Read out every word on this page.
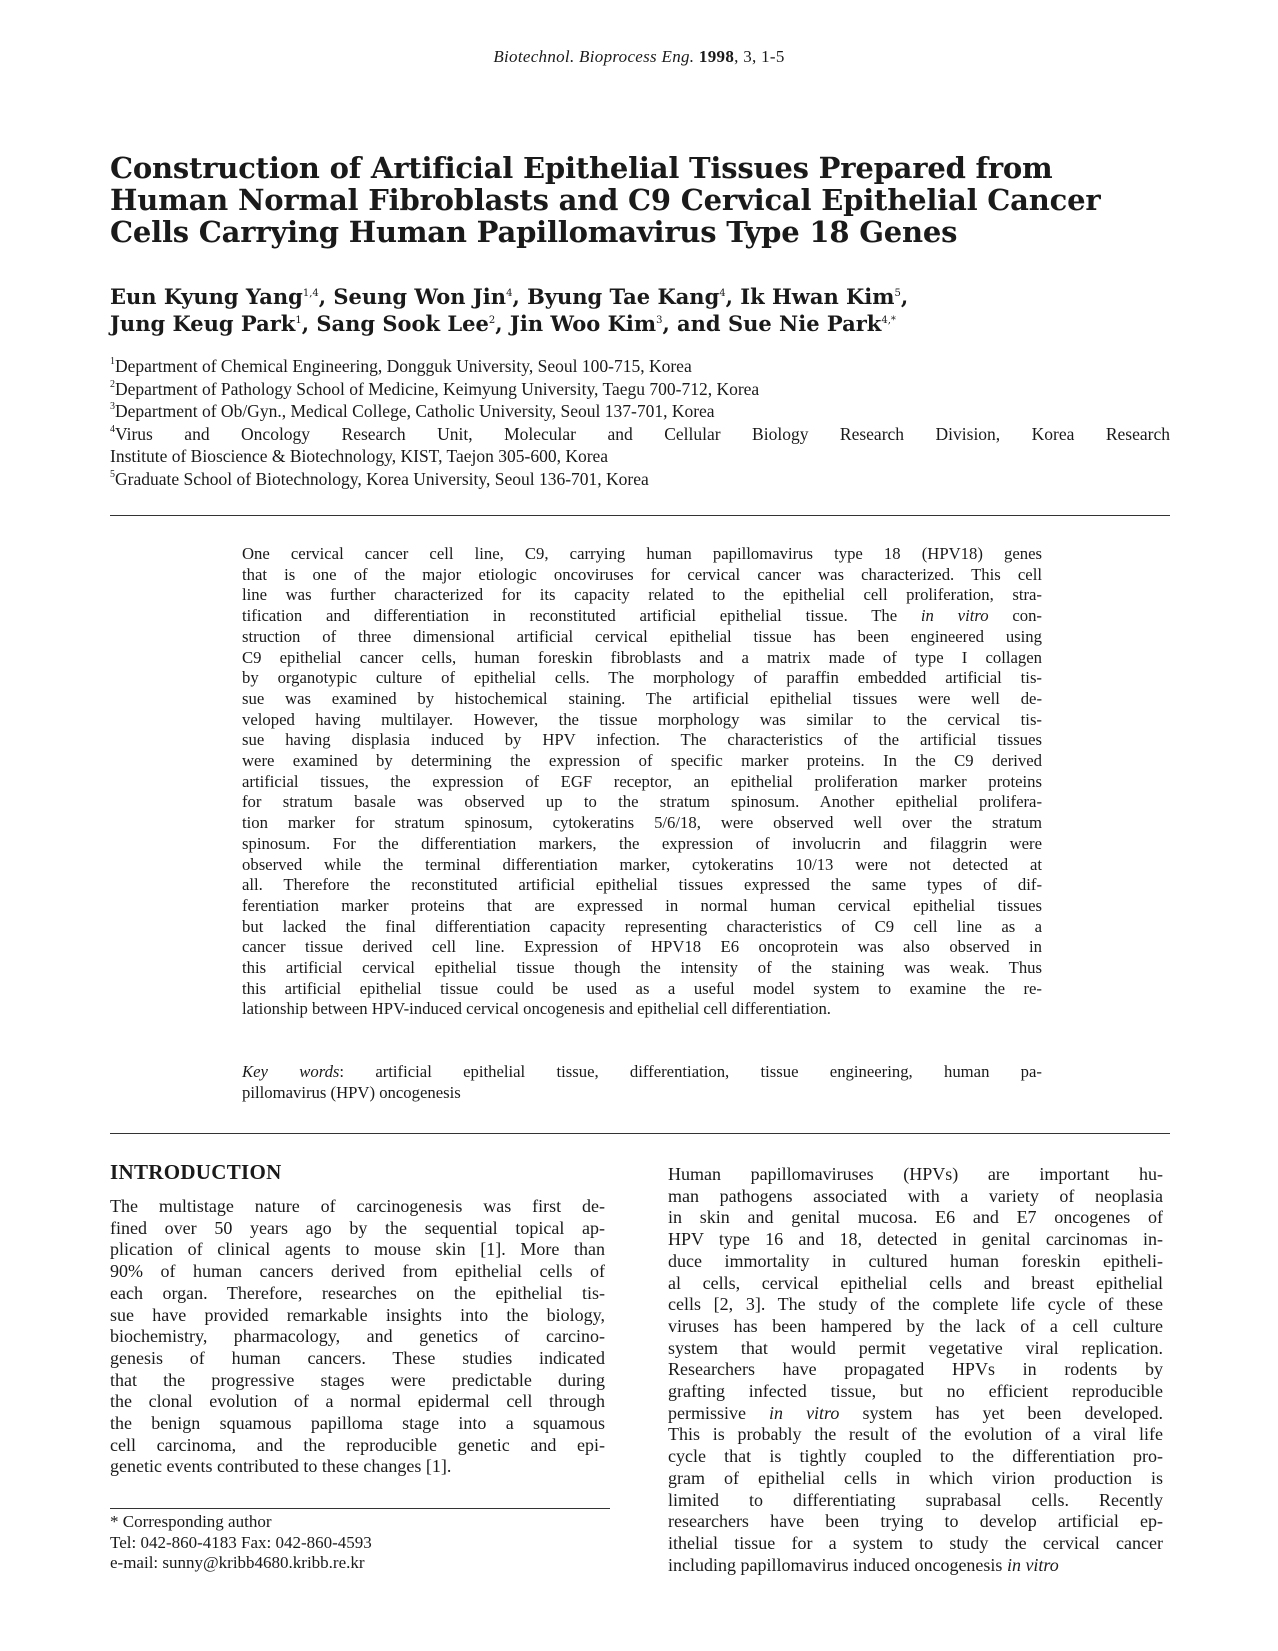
Biotechnol. Bioprocess Eng. 1998, 3, 1-5
Construction of Artificial Epithelial Tissues Prepared from
Human Normal Fibroblasts and C9 Cervical Epithelial Cancer
Cells Carrying Human Papillomavirus Type 18 Genes
Eun Kyung Yang$^{1,4}$, Seung Won Jin$^4$, Byung Tae Kang$^4$, Ik Hwan Kim$^5$,
Jung Keug Park$^1$, Sang Sook Lee$^2$, Jin Woo Kim$^3$, and Sue Nie Park$^{4,*}$
$^1$Department of Chemical Engineering, Dongguk University, Seoul 100-715, Korea
$^2$Department of Pathology School of Medicine, Keimyung University, Taegu 700-712, Korea
$^3$Department of Ob/Gyn., Medical College, Catholic University, Seoul 137-701, Korea
$^4$Virus and Oncology Research Unit, Molecular and Cellular Biology Research Division, Korea Research
Institute of Bioscience & Biotechnology, KIST, Taejon 305-600, Korea
$^5$Graduate School of Biotechnology, Korea University, Seoul 136-701, Korea
One cervical cancer cell line, C9, carrying human papillomavirus type 18 (HPV18) genes
that is one of the major etiologic oncoviruses for cervical cancer was characterized. This cell
line was further characterized for its capacity related to the epithelial cell proliferation, stra-
tification and differentiation in reconstituted artificial epithelial tissue. The in vitro con-
struction of three dimensional artificial cervical epithelial tissue has been engineered using
C9 epithelial cancer cells, human foreskin fibroblasts and a matrix made of type I collagen
by organotypic culture of epithelial cells. The morphology of paraffin embedded artificial tis-
sue was examined by histochemical staining. The artificial epithelial tissues were well de-
veloped having multilayer. However, the tissue morphology was similar to the cervical tis-
sue having displasia induced by HPV infection. The characteristics of the artificial tissues
were examined by determining the expression of specific marker proteins. In the C9 derived
artificial tissues, the expression of EGF receptor, an epithelial proliferation marker proteins
for stratum basale was observed up to the stratum spinosum. Another epithelial prolifera-
tion marker for stratum spinosum, cytokeratins 5/6/18, were observed well over the stratum
spinosum. For the differentiation markers, the expression of involucrin and filaggrin were
observed while the terminal differentiation marker, cytokeratins 10/13 were not detected at
all. Therefore the reconstituted artificial epithelial tissues expressed the same types of dif-
ferentiation marker proteins that are expressed in normal human cervical epithelial tissues
but lacked the final differentiation capacity representing characteristics of C9 cell line as a
cancer tissue derived cell line. Expression of HPV18 E6 oncoprotein was also observed in
this artificial cervical epithelial tissue though the intensity of the staining was weak. Thus
this artificial epithelial tissue could be used as a useful model system to examine the re-
lationship between HPV-induced cervical oncogenesis and epithelial cell differentiation.
Key words: artificial epithelial tissue, differentiation, tissue engineering, human pa-
pillomavirus (HPV) oncogenesis
INTRODUCTION
The multistage nature of carcinogenesis was first de-
fined over 50 years ago by the sequential topical ap-
plication of clinical agents to mouse skin [1]. More than
90% of human cancers derived from epithelial cells of
each organ. Therefore, researches on the epithelial tis-
sue have provided remarkable insights into the biology,
biochemistry, pharmacology, and genetics of carcino-
genesis of human cancers. These studies indicated
that the progressive stages were predictable during
the clonal evolution of a normal epidermal cell through
the benign squamous papilloma stage into a squamous
cell carcinoma, and the reproducible genetic and epi-
genetic events contributed to these changes [1].
Human papillomaviruses (HPVs) are important hu-
man pathogens associated with a variety of neoplasia
in skin and genital mucosa. E6 and E7 oncogenes of
HPV type 16 and 18, detected in genital carcinomas in-
duce immortality in cultured human foreskin epitheli-
al cells, cervical epithelial cells and breast epithelial
cells [2, 3]. The study of the complete life cycle of these
viruses has been hampered by the lack of a cell culture
system that would permit vegetative viral replication.
Researchers have propagated HPVs in rodents by
grafting infected tissue, but no efficient reproducible
permissive in vitro system has yet been developed.
This is probably the result of the evolution of a viral life
cycle that is tightly coupled to the differentiation pro-
gram of epithelial cells in which virion production is
limited to differentiating suprabasal cells. Recently
researchers have been trying to develop artificial ep-
ithelial tissue for a system to study the cervical cancer
including papillomavirus induced oncogenesis in vitro
* Corresponding author
Tel: 042-860-4183 Fax: 042-860-4593
e-mail: sunny@kribb4680.kribb.re.kr
